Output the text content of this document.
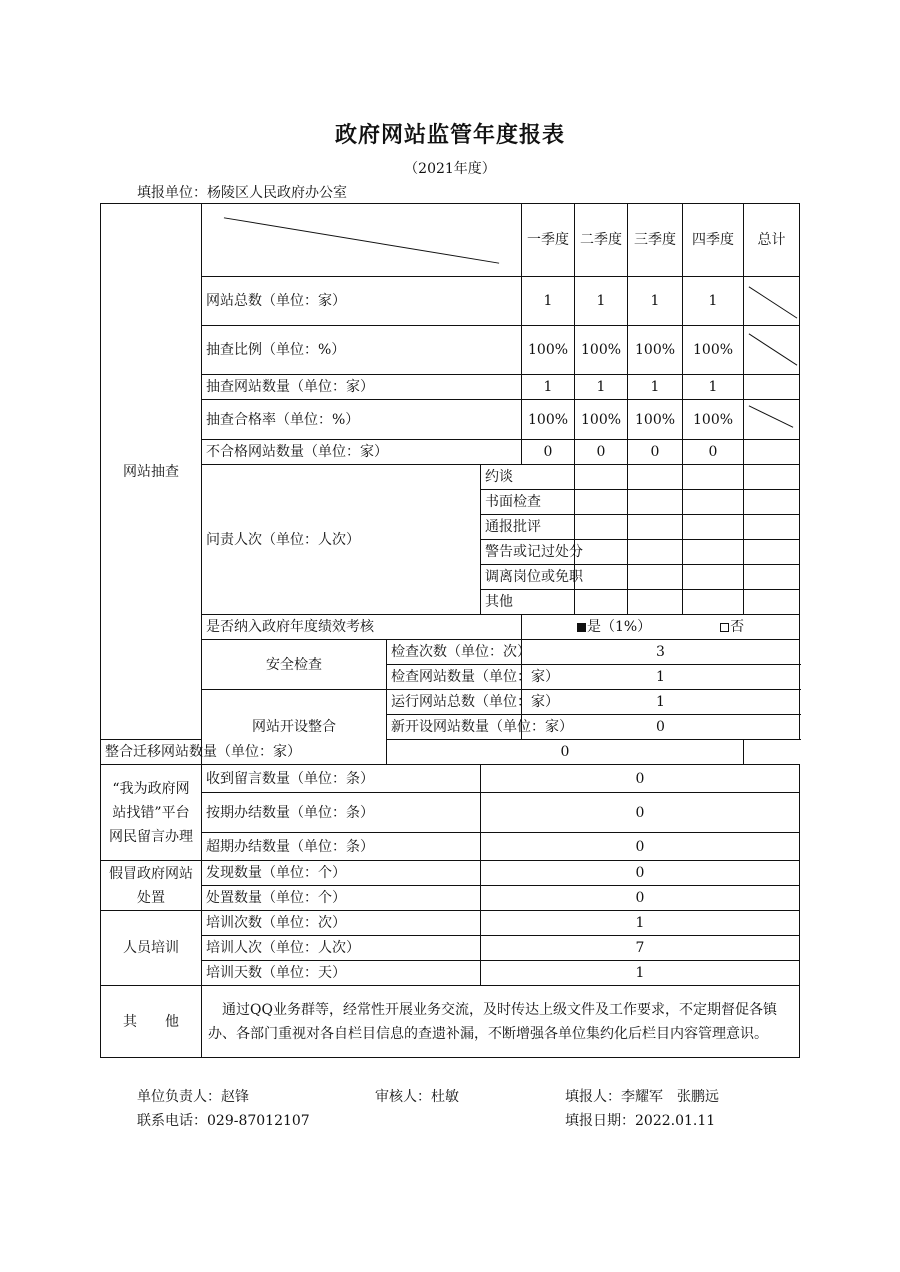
政府网站监管年度报表
（2021年度）
填报单位：杨陵区人民政府办公室
网站抽查				一季度	二季度	三季度	四季度	总计	
	网站总数（单位：家）			1	1	1	1	

	抽查比例（单位：%）			100%	100%	100%	100%	

	抽查网站数量（单位：家）			1	1	1	1		
	抽查合格率（单位：%）			100%	100%	100%	100%	

	不合格网站数量（单位：家）			0	0	0	0		
	问责人次（单位：人次）		约谈						
			书面检查						
			通报批评						
			警告或记过处分						
			调离岗位或免职						
			其他						
	是否纳入政府年度绩效考核			是（1%） 否					
	安全检查	检查次数（单位：次）		3					
		检查网站数量（单位：家）		1					
	网站开设整合	运行网站总数（单位：家）		1					
		新开设网站数量（单位：家）		0					
整合迁移网站数量（单位：家）		0							
“我为政府网站找错”平台网民留言办理	收到留言数量（单位：条）		0						
	按期办结数量（单位：条）		0						
	超期办结数量（单位：条）		0						
假冒政府网站处置	发现数量（单位：个）		0						
	处置数量（单位：个）		0						
人员培训	培训次数（单位：次）		1						
	培训人次（单位：人次）		7						
	培训天数（单位：天）		1						
其　　他	　通过QQ业务群等，经常性开展业务交流，及时传达上级文件及工作要求，不定期督促各镇办、各部门重视对各自栏目信息的查遗补漏，不断增强各单位集约化后栏目内容管理意识。								
单位负责人：赵锋	审核人：杜敏	填报人：李耀军　张鹏远
联系电话：029-87012107	填报日期：2022.01.11
